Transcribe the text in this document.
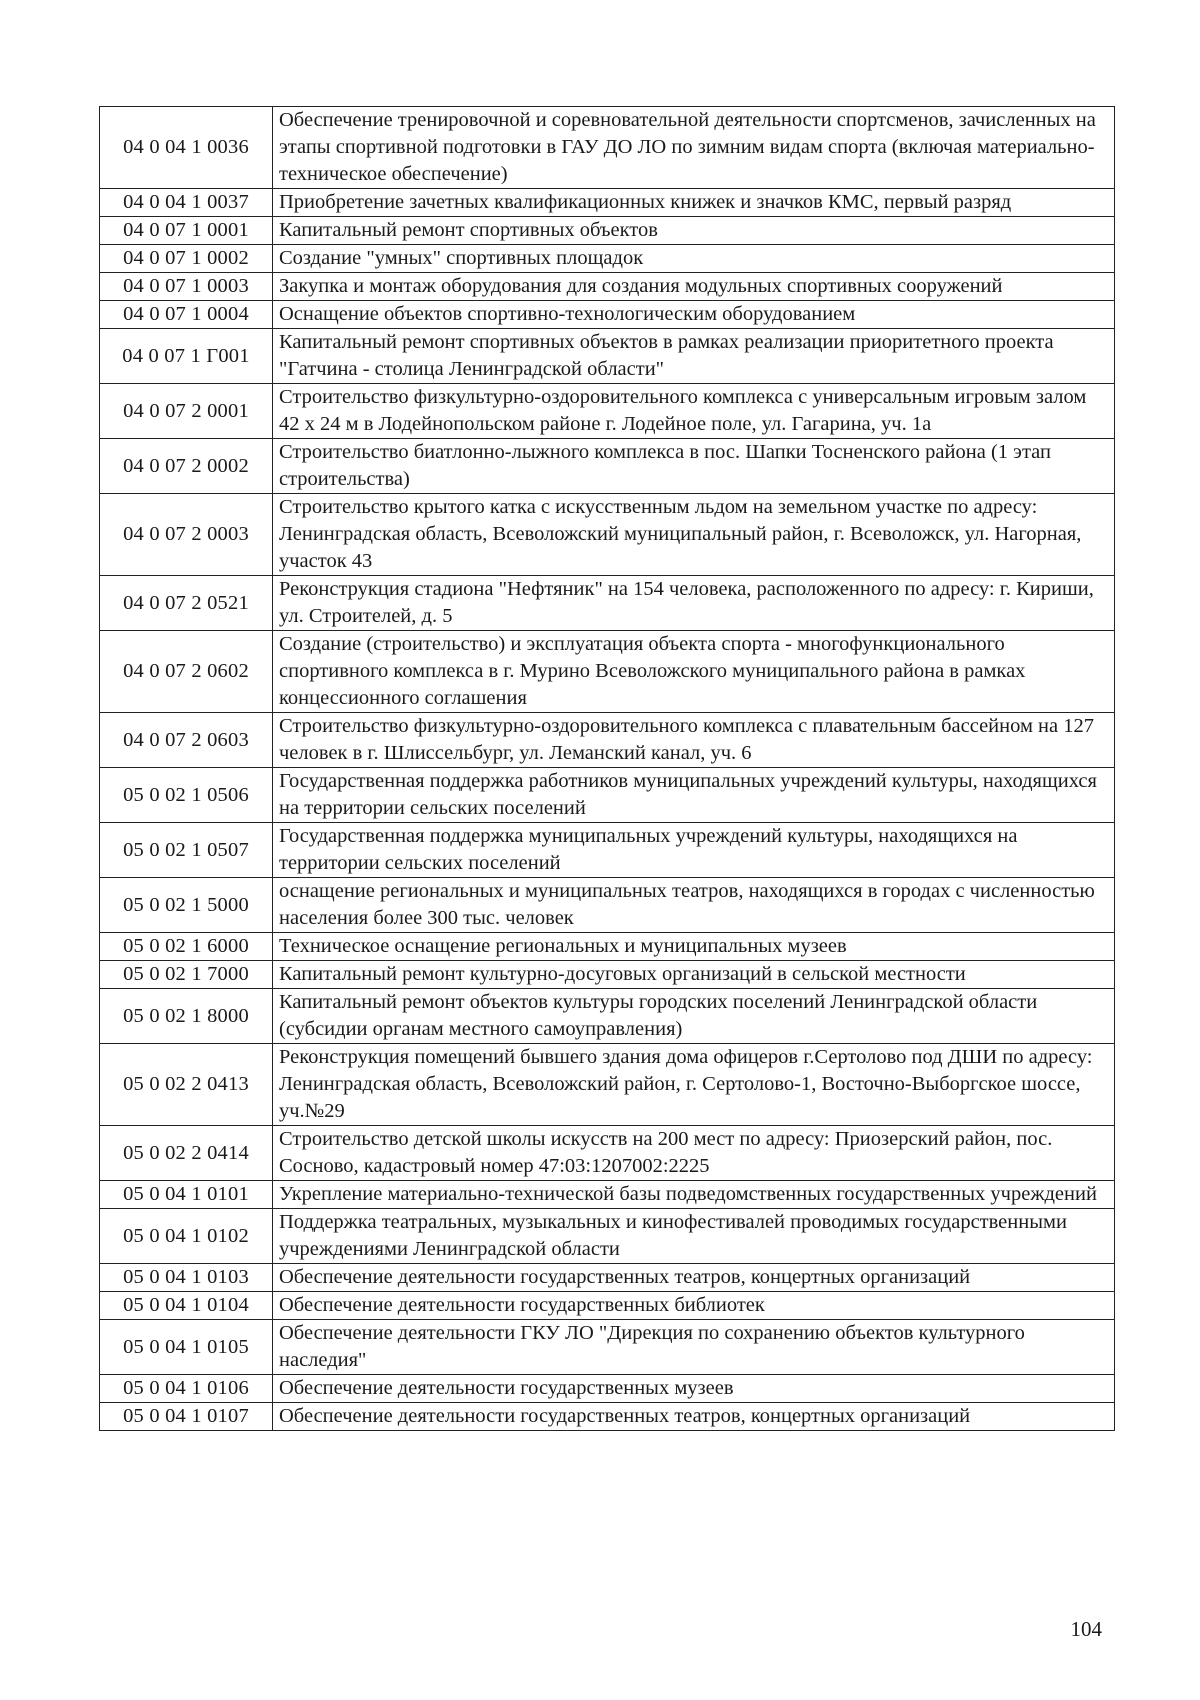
04 0 04 1 0036	Обеспечение тренировочной и соревновательной деятельности спортсменов, зачисленных на этапы спортивной подготовки в ГАУ ДО ЛО по зимним видам спорта (включая материально-техническое обеспечение)
04 0 04 1 0037	Приобретение зачетных квалификационных книжек и значков КМС, первый разряд
04 0 07 1 0001	Капитальный ремонт спортивных объектов
04 0 07 1 0002	Создание "умных" спортивных площадок
04 0 07 1 0003	Закупка и монтаж оборудования для создания модульных спортивных сооружений
04 0 07 1 0004	Оснащение объектов спортивно-технологическим оборудованием
04 0 07 1 Г001	Капитальный ремонт спортивных объектов в рамках реализации приоритетного проекта "Гатчина - столица Ленинградской области"
04 0 07 2 0001	Строительство физкультурно-оздоровительного комплекса с универсальным игровым залом 42 х 24 м в Лодейнопольском районе г. Лодейное поле, ул. Гагарина, уч. 1а
04 0 07 2 0002	Строительство биатлонно-лыжного комплекса в пос. Шапки Тосненского района (1 этап строительства)
04 0 07 2 0003	Строительство крытого катка с искусственным льдом на земельном участке по адресу: Ленинградская область, Всеволожский муниципальный район, г. Всеволожск, ул. Нагорная, участок 43
04 0 07 2 0521	Реконструкция стадиона "Нефтяник" на 154 человека, расположенного по адресу: г. Кириши, ул. Строителей, д. 5
04 0 07 2 0602	Создание (строительство) и эксплуатация объекта спорта - многофункционального спортивного комплекса в г. Мурино Всеволожского муниципального района в рамках концессионного соглашения
04 0 07 2 0603	Строительство физкультурно-оздоровительного комплекса с плавательным бассейном на 127 человек в г. Шлиссельбург, ул. Леманский канал, уч. 6
05 0 02 1 0506	Государственная поддержка работников муниципальных учреждений культуры, находящихся на территории сельских поселений
05 0 02 1 0507	Государственная поддержка муниципальных учреждений культуры, находящихся на территории сельских поселений
05 0 02 1 5000	оснащение региональных и муниципальных театров, находящихся в городах с численностью населения более 300 тыс. человек
05 0 02 1 6000	Техническое оснащение региональных и муниципальных музеев
05 0 02 1 7000	Капитальный ремонт культурно-досуговых организаций в сельской местности
05 0 02 1 8000	Капитальный ремонт объектов культуры городских поселений Ленинградской области (субсидии органам местного самоуправления)
05 0 02 2 0413	Реконструкция помещений бывшего здания дома офицеров г.Сертолово под ДШИ по адресу: Ленинградская область, Всеволожский район, г. Сертолово-1, Восточно-Выборгское шоссе, уч.№29
05 0 02 2 0414	Строительство детской школы искусств на 200 мест по адресу: Приозерский район, пос. Сосново, кадастровый номер 47:03:1207002:2225
05 0 04 1 0101	Укрепление материально-технической базы подведомственных государственных учреждений
05 0 04 1 0102	Поддержка театральных, музыкальных и кинофестивалей проводимых государственными учреждениями Ленинградской области
05 0 04 1 0103	Обеспечение деятельности государственных театров, концертных организаций
05 0 04 1 0104	Обеспечение деятельности государственных библиотек
05 0 04 1 0105	Обеспечение деятельности ГКУ ЛО "Дирекция по сохранению объектов культурного наследия"
05 0 04 1 0106	Обеспечение деятельности государственных музеев
05 0 04 1 0107	Обеспечение деятельности государственных театров, концертных организаций
104
